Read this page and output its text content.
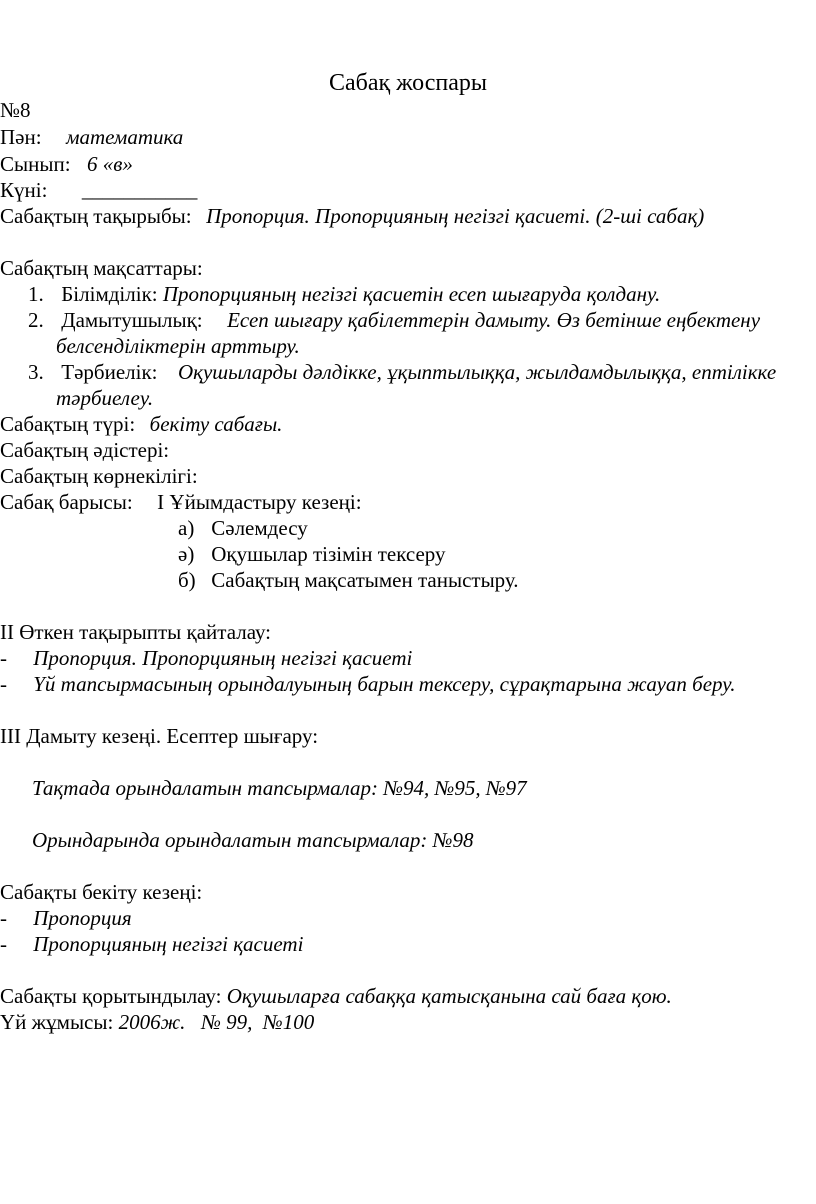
Сабақ жоспары
№8
Пән: математика
Сынып: 6 «в»
Күні: ___________
Сабақтың тақырыбы: Пропорция. Пропорцияның негізгі қасиеті. (2-ші сабақ)
Сабақтың мақсаттары:
1. Білімділік: Пропорцияның негізгі қасиетін есеп шығаруда қолдану.
2. Дамытушылық: Есеп шығару қабілеттерін дамыту. Өз бетінше еңбектену
белсенділіктерін арттыру.
3. Тәрбиелік: Оқушыларды дәлдікке, ұқыптылыққа, жылдамдылыққа, ептілікке
тәрбиелеу.
Сабақтың түрі: бекіту сабағы.
Сабақтың әдістері:
Сабақтың көрнекілігі:
Сабақ барысы: I Ұйымдастыру кезеңі:
а) Сәлемдесу
ә) Оқушылар тізімін тексеру
б) Сабақтың мақсатымен таныстыру.
II Өткен тақырыпты қайталау:
- Пропорция. Пропорцияның негізгі қасиеті
- Үй тапсырмасының орындалуының барын тексеру, сұрақтарына жауап беру.
III Дамыту кезеңі. Есептер шығару:
Тақтада орындалатын тапсырмалар: №94, №95, №97
Орындарында орындалатын тапсырмалар: №98
Сабақты бекіту кезеңі:
- Пропорция
- Пропорцияның негізгі қасиеті
Сабақты қорытындылау: Оқушыларға сабаққа қатысқанына сай баға қою.
Үй жұмысы: 2006ж.   № 99,  №100
